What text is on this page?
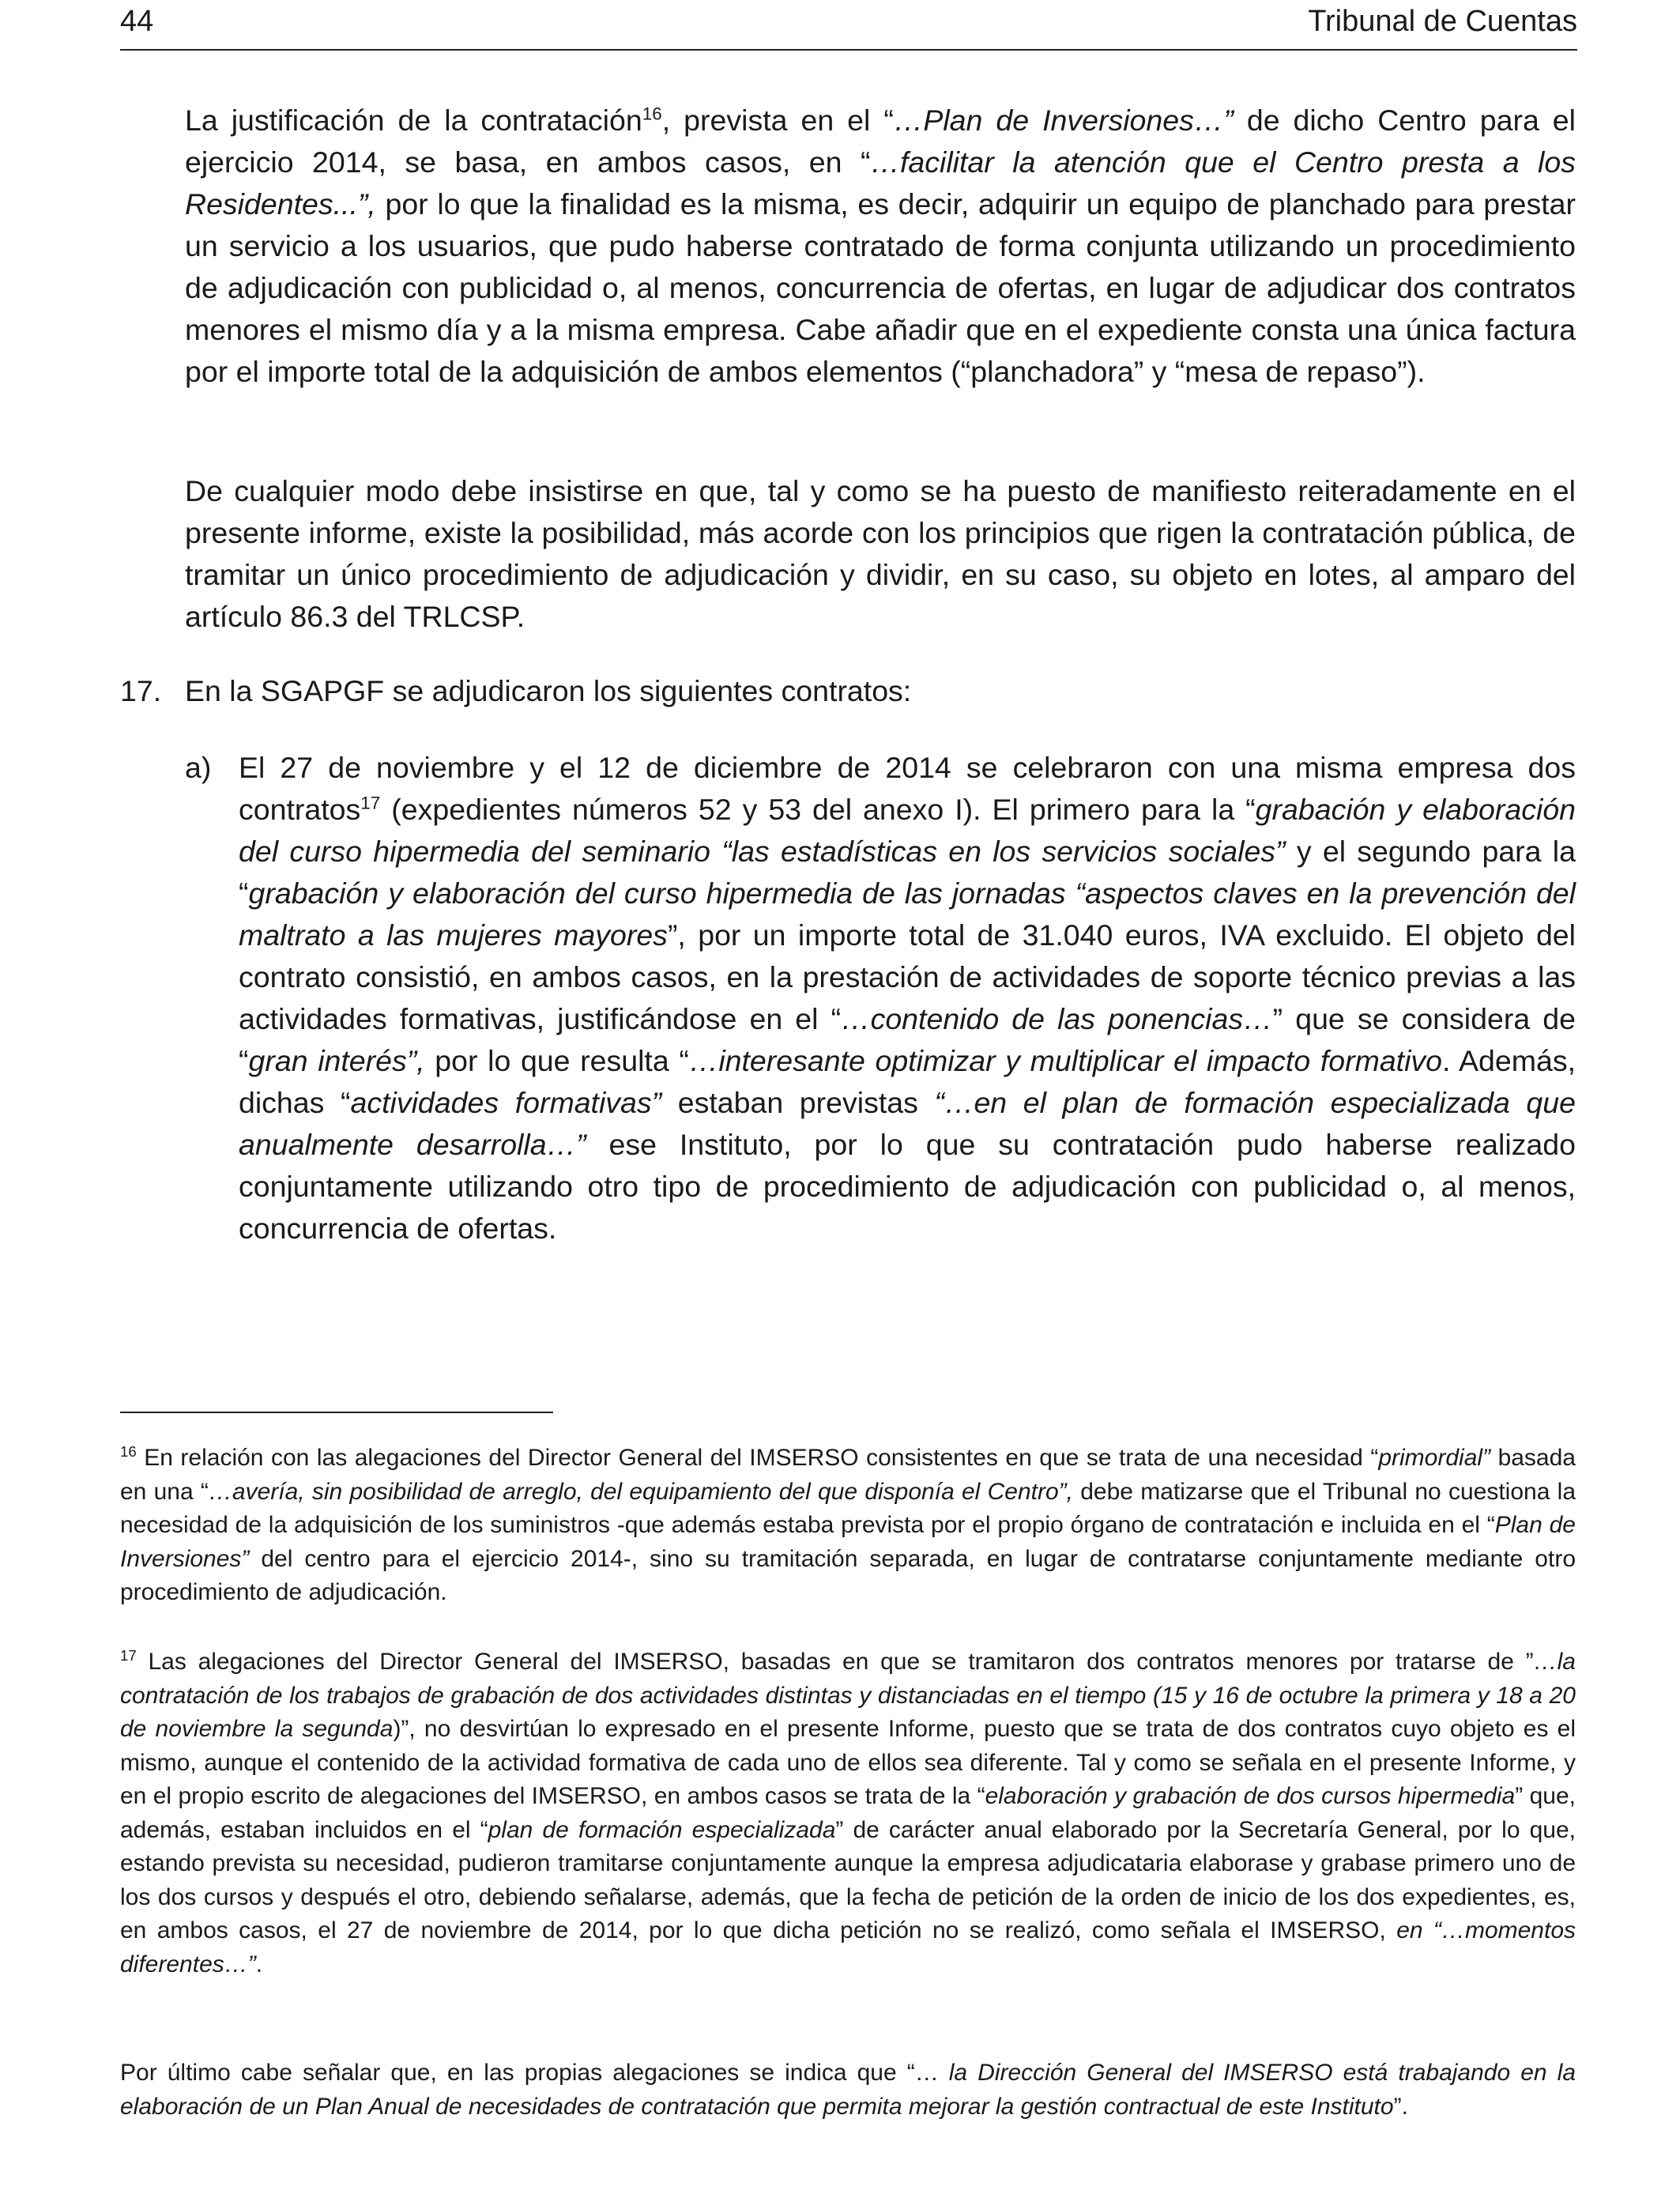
44	Tribunal de Cuentas

La justificación de la contratación$^{16}$, prevista en el “…Plan de Inversiones…” de dicho Centro para el ejercicio 2014, se basa, en ambos casos, en “…facilitar la atención que el Centro presta a los Residentes...”, por lo que la finalidad es la misma, es decir, adquirir un equipo de planchado para prestar un servicio a los usuarios, que pudo haberse contratado de forma conjunta utilizando un procedimiento de adjudicación con publicidad o, al menos, concurrencia de ofertas, en lugar de adjudicar dos contratos menores el mismo día y a la misma empresa. Cabe añadir que en el expediente consta una única factura por el importe total de la adquisición de ambos elementos (“planchadora” y “mesa de repaso”).

De cualquier modo debe insistirse en que, tal y como se ha puesto de manifiesto reiteradamente en el presente informe, existe la posibilidad, más acorde con los principios que rigen la contratación pública, de tramitar un único procedimiento de adjudicación y dividir, en su caso, su objeto en lotes, al amparo del artículo 86.3 del TRLCSP.

17. En la SGAPGF se adjudicaron los siguientes contratos:
a) El 27 de noviembre y el 12 de diciembre de 2014 se celebraron con una misma empresa dos contratos$^{17}$ (expedientes números 52 y 53 del anexo I). El primero para la “grabación y elaboración del curso hipermedia del seminario “las estadísticas en los servicios sociales” y el segundo para la “grabación y elaboración del curso hipermedia de las jornadas “aspectos claves en la prevención del maltrato a las mujeres mayores”, por un importe total de 31.040 euros, IVA excluido. El objeto del contrato consistió, en ambos casos, en la prestación de actividades de soporte técnico previas a las actividades formativas, justificándose en el “…contenido de las ponencias…” que se considera de “gran interés”, por lo que resulta “…interesante optimizar y multiplicar el impacto formativo. Además, dichas “actividades formativas” estaban previstas “…en el plan de formación especializada que anualmente desarrolla…” ese Instituto, por lo que su contratación pudo haberse realizado conjuntamente utilizando otro tipo de procedimiento de adjudicación con publicidad o, al menos, concurrencia de ofertas.

$^{16}$ En relación con las alegaciones del Director General del IMSERSO consistentes en que se trata de una necesidad “primordial” basada en una “…avería, sin posibilidad de arreglo, del equipamiento del que disponía el Centro”, debe matizarse que el Tribunal no cuestiona la necesidad de la adquisición de los suministros -que además estaba prevista por el propio órgano de contratación e incluida en el “Plan de Inversiones” del centro para el ejercicio 2014-, sino su tramitación separada, en lugar de contratarse conjuntamente mediante otro procedimiento de adjudicación.

$^{17}$ Las alegaciones del Director General del IMSERSO, basadas en que se tramitaron dos contratos menores por tratarse de ”…la contratación de los trabajos de grabación de dos actividades distintas y distanciadas en el tiempo (15 y 16 de octubre la primera y 18 a 20 de noviembre la segunda)”, no desvirtúan lo expresado en el presente Informe, puesto que se trata de dos contratos cuyo objeto es el mismo, aunque el contenido de la actividad formativa de cada uno de ellos sea diferente. Tal y como se señala en el presente Informe, y en el propio escrito de alegaciones del IMSERSO, en ambos casos se trata de la “elaboración y grabación de dos cursos hipermedia” que, además, estaban incluidos en el “plan de formación especializada” de carácter anual elaborado por la Secretaría General, por lo que, estando prevista su necesidad, pudieron tramitarse conjuntamente aunque la empresa adjudicataria elaborase y grabase primero uno de los dos cursos y después el otro, debiendo señalarse, además, que la fecha de petición de la orden de inicio de los dos expedientes, es, en ambos casos, el 27 de noviembre de 2014, por lo que dicha petición no se realizó, como señala el IMSERSO, en “…momentos diferentes…”.

Por último cabe señalar que, en las propias alegaciones se indica que “… la Dirección General del IMSERSO está trabajando en la elaboración de un Plan Anual de necesidades de contratación que permita mejorar la gestión contractual de este Instituto”.
